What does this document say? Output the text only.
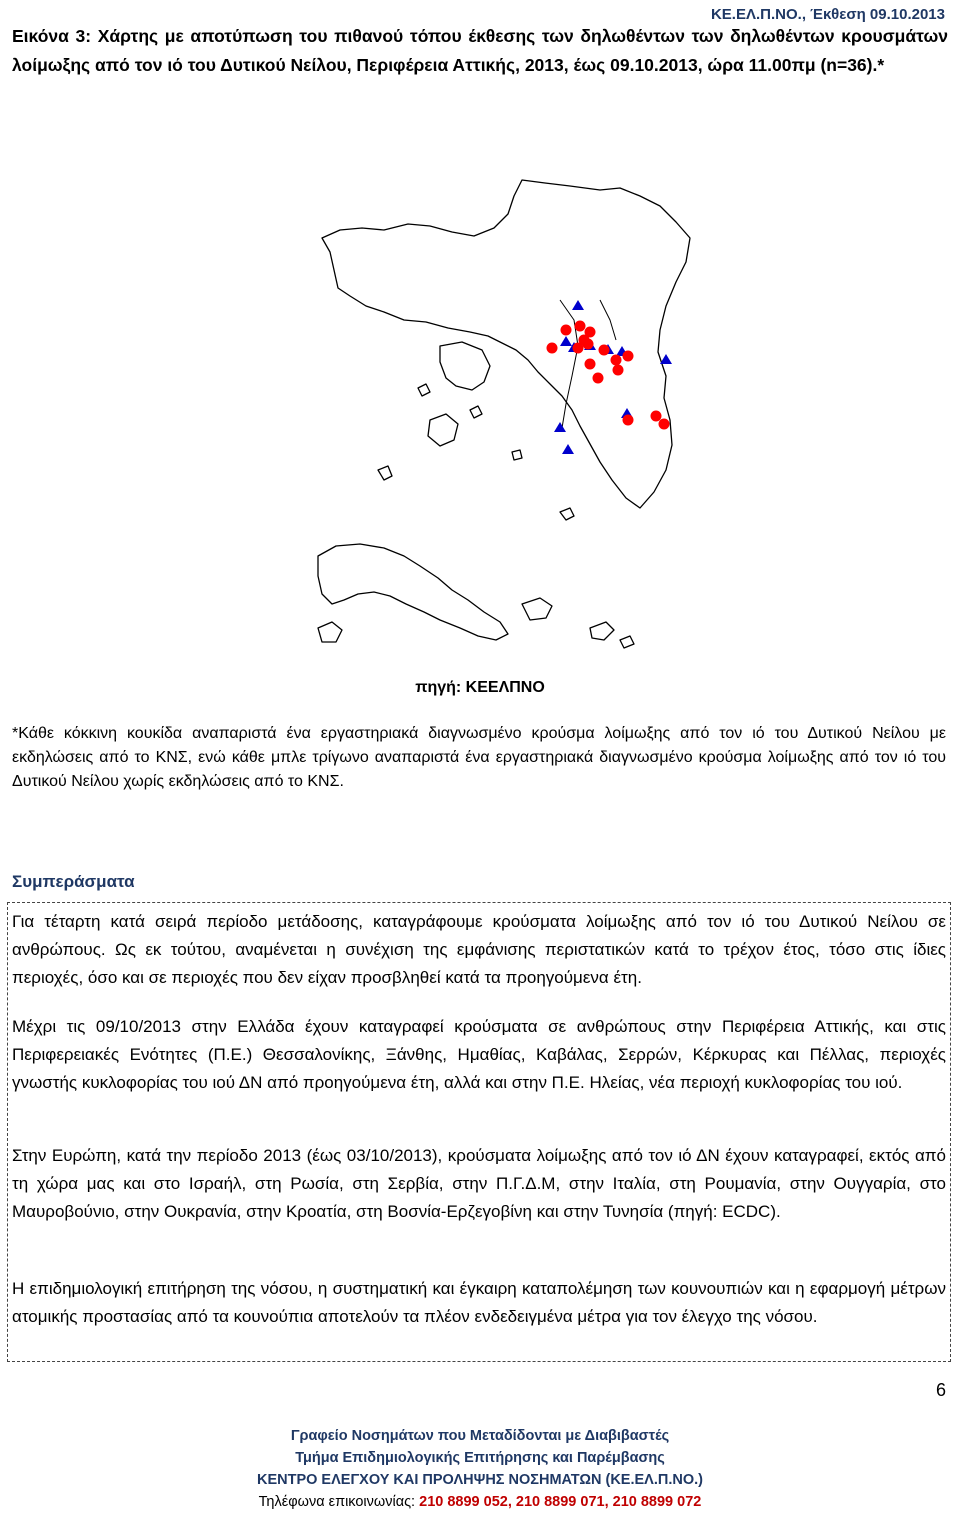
ΚΕ.ΕΛ.Π.ΝΟ., Έκθεση 09.10.2013
Εικόνα 3: Χάρτης με αποτύπωση του πιθανού τόπου έκθεσης των δηλωθέντων των δηλωθέντων κρουσμάτων λοίμωξης από τον ιό του Δυτικού Νείλου, Περιφέρεια Αττικής, 2013, έως 09.10.2013, ώρα 11.00πμ (n=36).*
πηγή: ΚΕΕΛΠΝΟ
*Κάθε κόκκινη κουκίδα αναπαριστά ένα εργαστηριακά διαγνωσμένο κρούσμα λοίμωξης από τον ιό του Δυτικού Νείλου με εκδηλώσεις από το ΚΝΣ, ενώ κάθε μπλε τρίγωνο αναπαριστά ένα εργαστηριακά διαγνωσμένο κρούσμα λοίμωξης από τον ιό του Δυτικού Νείλου χωρίς εκδηλώσεις από το ΚΝΣ.
Συμπεράσματα
Για τέταρτη κατά σειρά περίοδο μετάδοσης, καταγράφουμε κρούσματα λοίμωξης από τον ιό του Δυτικού Νείλου σε ανθρώπους. Ως εκ τούτου, αναμένεται η συνέχιση της εμφάνισης περιστατικών κατά το τρέχον έτος, τόσο στις ίδιες περιοχές, όσο και σε περιοχές που δεν είχαν προσβληθεί κατά τα προηγούμενα έτη.
Μέχρι τις 09/10/2013 στην Ελλάδα έχουν καταγραφεί κρούσματα σε ανθρώπους στην Περιφέρεια Αττικής, και στις Περιφερειακές Ενότητες (Π.Ε.) Θεσσαλονίκης, Ξάνθης, Ημαθίας, Καβάλας, Σερρών, Κέρκυρας και Πέλλας, περιοχές γνωστής κυκλοφορίας του ιού ΔΝ από προηγούμενα έτη, αλλά και στην Π.Ε. Ηλείας, νέα περιοχή κυκλοφορίας του ιού.
Στην Ευρώπη, κατά την περίοδο 2013 (έως 03/10/2013), κρούσματα λοίμωξης από τον ιό ΔΝ έχουν καταγραφεί, εκτός από τη χώρα μας και στο Ισραήλ, στη Ρωσία, στη Σερβία, στην Π.Γ.Δ.Μ, στην Ιταλία, στη Ρουμανία, στην Ουγγαρία, στο Μαυροβούνιο, στην Ουκρανία, στην Κροατία, στη Βοσνία-Ερζεγοβίνη και στην Τυνησία (πηγή: ECDC).
Η επιδημιολογική επιτήρηση της νόσου, η συστηματική και έγκαιρη καταπολέμηση των κουνουπιών και η εφαρμογή μέτρων ατομικής προστασίας από τα κουνούπια αποτελούν τα πλέον ενδεδειγμένα μέτρα για τον έλεγχο της νόσου.
6
Γραφείο Νοσημάτων που Μεταδίδονται με Διαβιβαστές
Τμήμα Επιδημιολογικής Επιτήρησης και Παρέμβασης
ΚΕΝΤΡΟ ΕΛΕΓΧΟΥ ΚΑΙ ΠΡΟΛΗΨΗΣ ΝΟΣΗΜΑΤΩΝ (ΚΕ.ΕΛ.Π.ΝΟ.)
Τηλέφωνα επικοινωνίας: 210 8899 052, 210 8899 071, 210 8899 072
